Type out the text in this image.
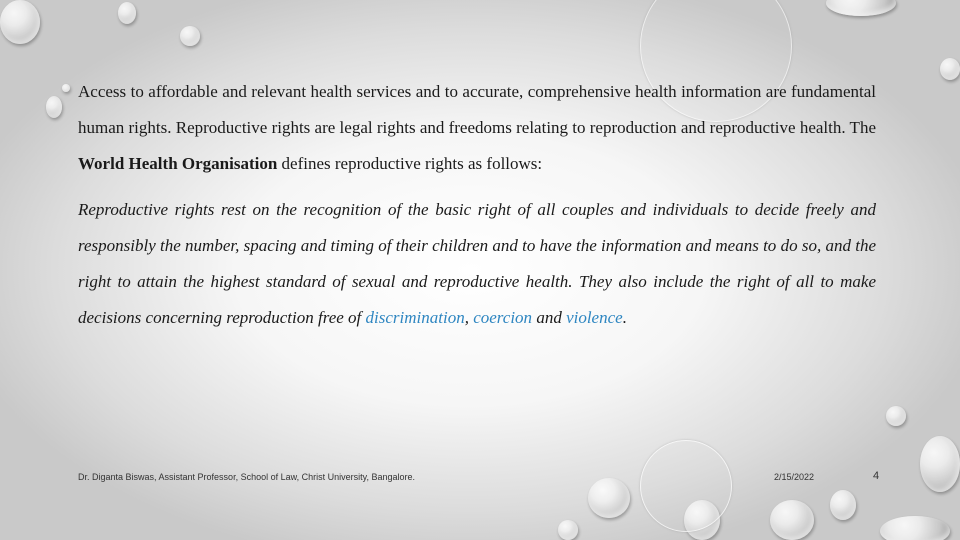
Access to affordable and relevant health services and to accurate, comprehensive health information are fundamental human rights. Reproductive rights are legal rights and freedoms relating to reproduction and reproductive health. The World Health Organisation defines reproductive rights as follows:

Reproductive rights rest on the recognition of the basic right of all couples and individuals to decide freely and responsibly the number, spacing and timing of their children and to have the information and means to do so, and the right to attain the highest standard of sexual and reproductive health. They also include the right of all to make decisions concerning reproduction free of discrimination, coercion and violence.

Dr. Diganta Biswas, Assistant Professor, School of Law, Christ University, Bangalore.	2/15/2022	4
